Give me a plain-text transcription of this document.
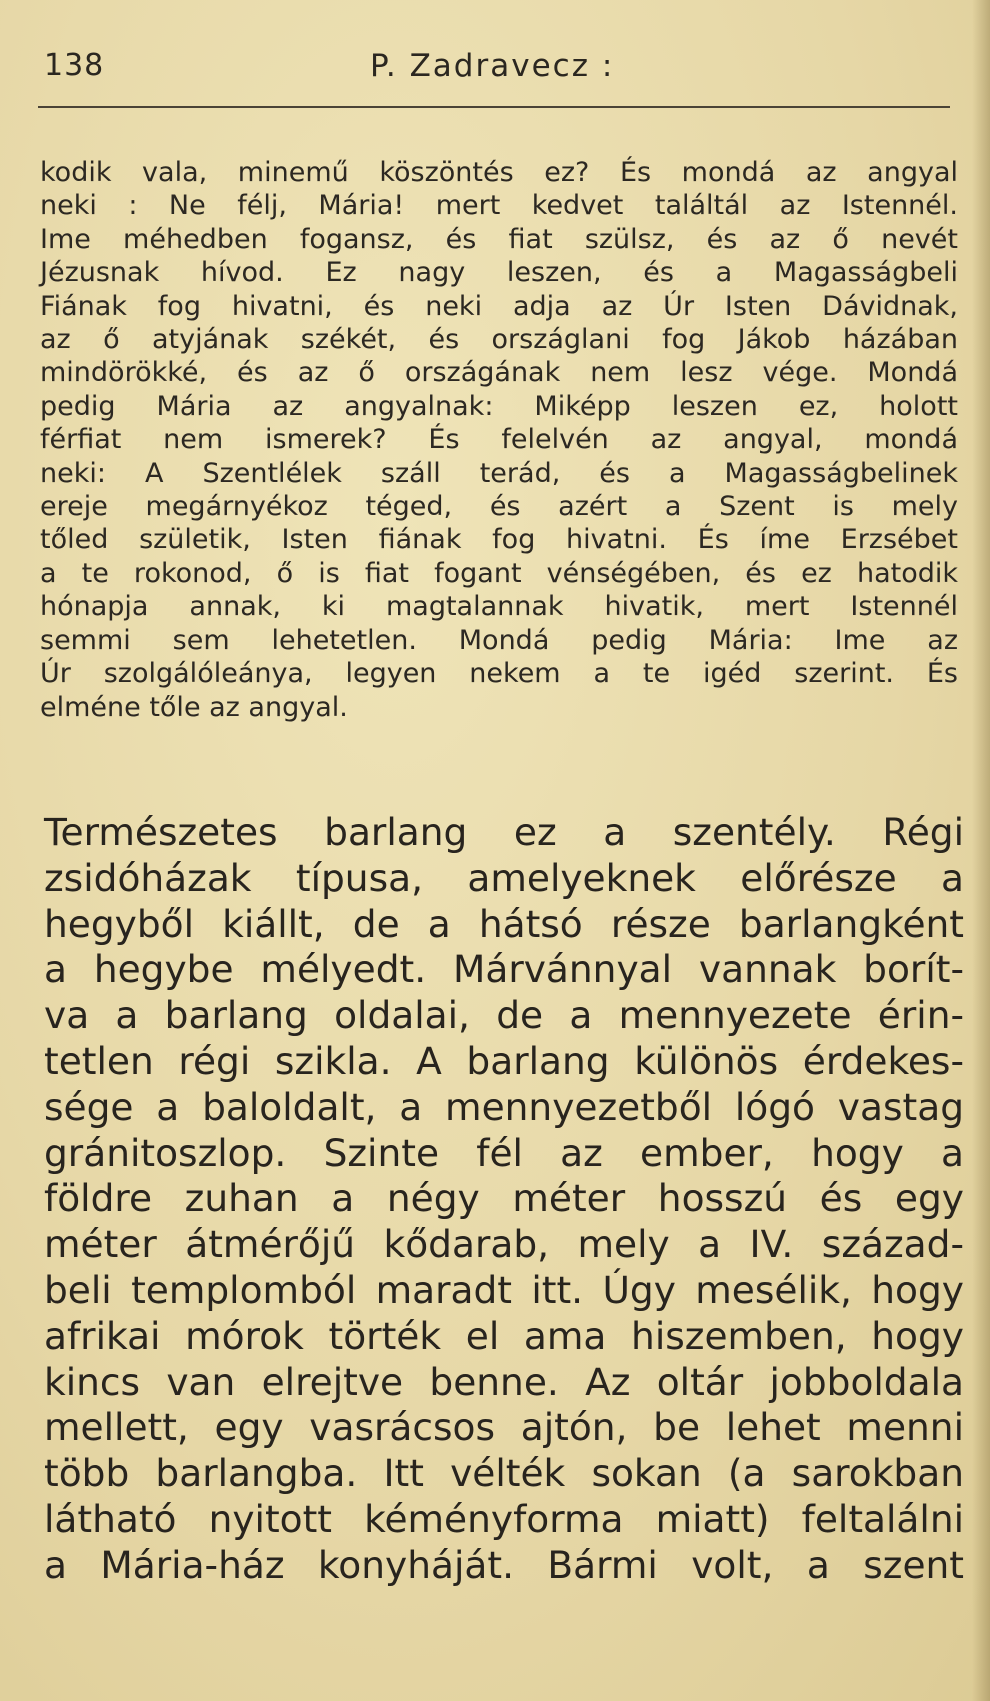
138	P. Zadravecz :
kodik vala, minemű köszöntés ez? És mondá az angyal
neki : Ne félj, Mária! mert kedvet találtál az Istennél.
Ime méhedben fogansz, és fiat szülsz, és az ő nevét
Jézusnak hívod. Ez nagy leszen, és a Magasságbeli
Fiának fog hivatni, és neki adja az Úr Isten Dávidnak,
az ő atyjának székét, és országlani fog Jákob házában
mindörökké, és az ő országának nem lesz vége. Mondá
pedig Mária az angyalnak: Miképp leszen ez, holott
férfiat nem ismerek? És felelvén az angyal, mondá
neki: A Szentlélek száll terád, és a Magasságbelinek
ereje megárnyékoz téged, és azért a Szent is mely
tőled születik, Isten fiának fog hivatni. És íme Erzsébet
a te rokonod, ő is fiat fogant vénségében, és ez hatodik
hónapja annak, ki magtalannak hivatik, mert Istennél
semmi sem lehetetlen. Mondá pedig Mária: Ime az
Úr szolgálóleánya, legyen nekem a te igéd szerint. És
elméne tőle az angyal.
Természetes barlang ez a szentély. Régi
zsidóházak típusa, amelyeknek előrésze a
hegyből kiállt, de a hátsó része barlangként
a hegybe mélyedt. Márvánnyal vannak borít-
va a barlang oldalai, de a mennyezete érin-
tetlen régi szikla. A barlang különös érdekes-
sége a baloldalt, a mennyezetből lógó vastag
gránitoszlop. Szinte fél az ember, hogy a
földre zuhan a négy méter hosszú és egy
méter átmérőjű kődarab, mely a IV. század-
beli templomból maradt itt. Úgy mesélik, hogy
afrikai mórok törték el ama hiszemben, hogy
kincs van elrejtve benne. Az oltár jobboldala
mellett, egy vasrácsos ajtón, be lehet menni
több barlangba. Itt vélték sokan (a sarokban
látható nyitott kéményforma miatt) feltalálni
a Mária-ház konyháját. Bármi volt, a szent
